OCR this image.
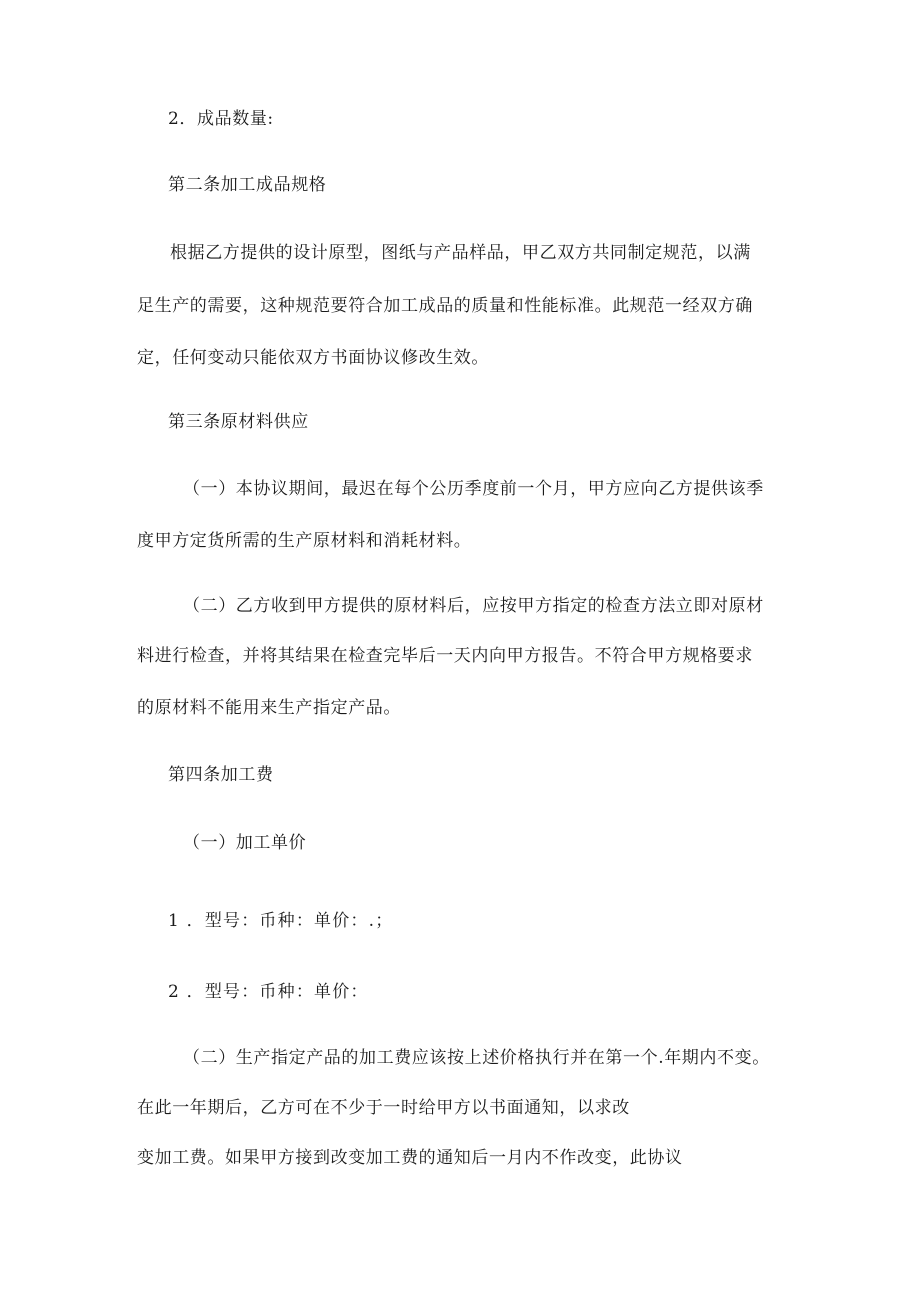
2．成品数量:
第二条加工成品规格
根据乙方提供的设计原型，图纸与产品样品，甲乙双方共同制定规范，以满
足生产的需要，这种规范要符合加工成品的质量和性能标准。此规范一经双方确
定，任何变动只能依双方书面协议修改生效。
第三条原材料供应
（一）本协议期间，最迟在每个公历季度前一个月，甲方应向乙方提供该季
度甲方定货所需的生产原材料和消耗材料。
（二）乙方收到甲方提供的原材料后，应按甲方指定的检查方法立即对原材
料进行检查，并将其结果在检查完毕后一天内向甲方报告。不符合甲方规格要求
的原材料不能用来生产指定产品。
第四条加工费
（一）加工单价
1 ．型号：币种：单价：.；
2 ．型号：币种：单价：
（二）生产指定产品的加工费应该按上述价格执行并在第一个.年期内不变。
在此一年期后，乙方可在不少于一时给甲方以书面通知，以求改
变加工费。如果甲方接到改变加工费的通知后一月内不作改变，此协议
